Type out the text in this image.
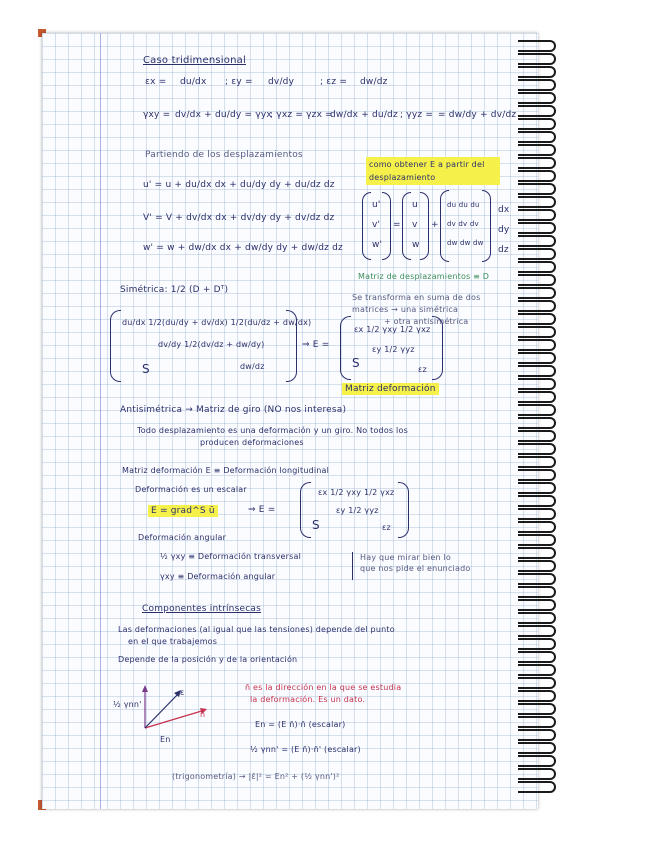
Caso tridimensional
εx = du/dx ; εy = dv/dy	; εz = dw/dz
γxy = dv/dx + du/dy = γyx
; γxz = γzx =
dw/dx + du/dz ; γyz = = dw/dy + dv/dz
Partiendo de los desplazamientos
como obtener E a partir del desplazamiento
u' = u + du/dx dx + du/dy dy + du/dz dz
V' = V + dv/dx dx + dv/dy dy + dv/dz dz
w' = w + dw/dx dx + dw/dy dy + dw/dz dz
u'
v'
w'
=
u
v
w
+
du du du
dv dv dv
dw dw dw
dx
dy
dz
Matriz de desplazamientos ≡ D
Simétrica: 1/2 (D + Dᵀ)
Se transforma en suma de dos
matrices → una simétrica
+ otra antisimétrica
du/dx 1/2(du/dy + dv/dx) 1/2(du/dz + dw/dx)
dv/dy 1/2(dv/dz + dw/dy)
dw/dz
S
⇒ E =
εx 1/2 γxy 1/2 γxz
εy 1/2 γyz
εz
S
Matriz deformación
Antisimétrica → Matriz de giro (NO nos interesa)
Todo desplazamiento es una deformación y un giro. No todos los
producen deformaciones
Matriz deformación E ≡ Deformación longitudinal
Deformación es un escalar
E = grad^S ū	⇒ E =
εx 1/2 γxy 1/2 γxz
εy 1/2 γyz
εz
S
Deformación angular
½ γxy ≡ Deformación transversal
γxy ≡ Deformación angular
Hay que mirar bien lo
que nos pide el enunciado
Componentes intrínsecas
Las deformaciones (al igual que las tensiones) depende del punto
en el que trabajemos
Depende de la posición y de la orientación
½ γnn'
ε
n̄
En
n̄ es la dirección en la que se estudia
la deformación. Es un dato.
En = (E n̄)·n̄ (escalar)
½ γnn' = (E n̄)·n̄' (escalar)
(trigonometría) → |ε̄|² = En² + (½ γnn')²
